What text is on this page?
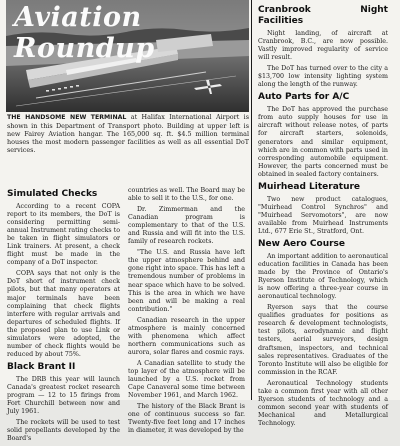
Aviation Roundup
THE HANDSOME NEW TERMINAL at Halifax International Airport is shown in this Department of Transport photo. Building at upper left is new Fairey Aviation hangar. The 165,000 sq. ft. $4.5 million terminal houses the most modern passenger facilities as well as all essential DoT services.
Simulated Checks

According to a recent COPA report to its members, the DoT is considering permitting semi-annual Instrument rating checks to be taken in flight simulators or Link trainers. At present, a check flight must be made in the company of a DoT inspector.

COPA says that not only is the DoT short of instrument check pilots, but that many operators at major terminals have been complaining that check flights interfere with regular arrivals and departures of scheduled flights. If the proposed plan to use Link or simulators were adopted, the number of check flights would be reduced by about 75%.

Black Brant II

The DRB this year will launch Canada's greatest rocket research program — 12 to 15 firings from Fort Churchill between now and July 1961.

The rockets will be used to test solid propellants developed by the Board's

countries as well. The Board may be able to sell it to the U.S., for one.

Dr. Zimmerman and the Canadian program is complementary to that of the U.S. and Russia and will fit into the U.S. family of research rockets.

"The U.S. and Russia have left the upper atmosphere behind and gone right into space. This has left a tremendous number of problems in near space which have to be solved. This is the area in which we have been and will be making a real contribution."

Canadian research in the upper atmosphere is mainly concerned with phenomena which affect northern communications such as aurora, solar flares and cosmic rays.

A Canadian satellite to study the top layer of the atmosphere will be launched by a U.S. rocket from Cape Canaveral some time between November 1961, and March 1962.

The history of the Black Brant is one of continuous success so far. Twenty-five feet long and 17 inches in diameter, it was developed by the

Cranbrook Night Facilities

Night landing, of aircraft at Cranbrook, B.C., are now possible. Vastly improved regularity of service will result.

The DoT has turned over to the city a $13,700 low intensity lighting system along the length of the runway.

Auto Parts for A/C

The DoT has approved the purchase from auto supply houses for use in aircraft without release notes, of parts for aircraft starters, solenoids, generators and similar equipment, which are in common with parts used in corresponding automobile equipment. However, the parts concerned must be obtained in sealed factory containers.

Muirhead Literature

Two new product catalogues, "Muirhead Control Synchros" and "Muirhead Servomotors", are now available from Muirhead Instruments Ltd., 677 Erie St., Stratford, Ont.

New Aero Course

An important addition to aeronautical education facilities in Canada has been made by the Province of Ontario's Ryerson Institute of Technology, which is now offering a three-year course in aeronautical technology.

Ryerson says that the course qualifies graduates for positions as research & development technologists, test pilots, aerodynamic and flight testers, aerial surveyors, design draftsmen, inspectors, and technical sales representatives. Graduates of the Toronto Institute will also be eligible for commission in the RCAF.

Aeronautical Technology students take a common first year with all other Ryerson students of technology and a common second year with students of Mechanical and Metallurgical Technology.
